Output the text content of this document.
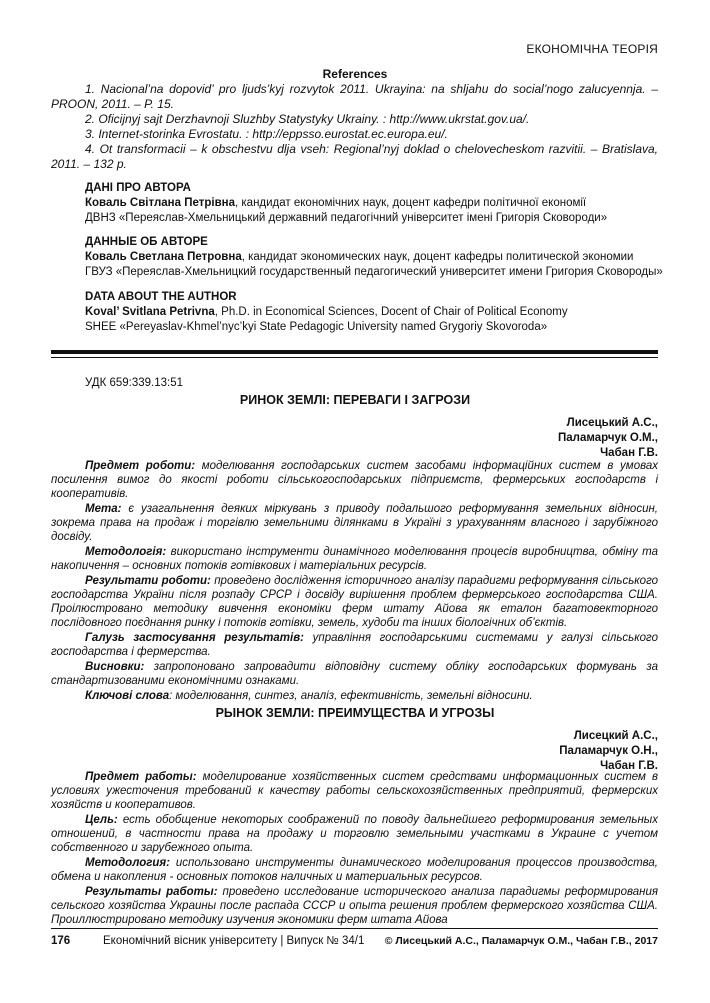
ЕКОНОМІЧНА ТЕОРІЯ
References

1. Nacional’na dopovid’ pro ljuds’kyj rozvytok 2011. Ukrayina: na shljahu do social’nogo zalucyennja. – PROON, 2011. – P. 15.

2. Oficijnyj sajt Derzhavnoji Sluzhby Statystyky Ukrainy. : http://www.ukrstat.gov.ua/.

3. Internet-storinka Evrostatu. : http://eppsso.eurostat.ec.europa.eu/.

4. Ot transformacii – k obschestvu dlja vseh: Regional’nyj doklad o chelovecheskom razvitii. – Bratislava, 2011. – 132 p.

ДАНІ ПРО АВТОРА
Коваль Світлана Петрівна, кандидат економічних наук, доцент кафедри політичної економії
ДВНЗ «Переяслав-Хмельницький державний педагогічний університет імені Григорія Сковороди»
ДАННЫЕ ОБ АВТОРЕ
Коваль Светлана Петровна, кандидат экономических наук, доцент кафедры политической экономии
ГВУЗ «Переяслав-Хмельницкий государственный педагогический университет имени Григория Сковороды»
DATA ABOUT THE AUTHOR
Koval’ Svitlana Petrivna, Ph.D. in Economical Sciences, Docent of Chair of Political Economy
SHEE «Pereyaslav-Khmel’nyc’kyi State Pedagogic University named Grygoriy Skovoroda»
УДК 659:339.13:51
РИНОК ЗЕМЛІ: ПЕРЕВАГИ І ЗАГРОЗИ
Лисецький А.С.,
Паламарчук О.М.,
Чабан Г.В.

Предмет роботи: моделювання господарських систем засобами інформаційних систем в умовах посилення вимог до якості роботи сільськогосподарських підприємств, фермерських господарств і кооперативів.

Мета: є узагальнення деяких міркувань з приводу подальшого реформування земельних відносин, зокрема права на продаж і торгівлю земельними ділянками в Україні з урахуванням власного і зарубіжного досвіду.

Методологія: використано інструменти динамічного моделювання процесів виробництва, обміну та накопичення – основних потоків готівкових і матеріальних ресурсів.

Результати роботи: проведено дослідження історичного аналізу парадигми реформування сільського господарства України після розпаду СРСР і досвіду вирішення проблем фермерського господарства США. Проілюстровано методику вивчення економіки ферм штату Айова як еталон багатовекторного послідовного поєднання ринку і потоків готівки, земель, худоби та інших біологічних об’єктів.

Галузь застосування результатів: управління господарськими системами у галузі сільського господарства і фермерства.

Висновки: запропоновано запровадити відповідну систему обліку господарських формувань за стандартизованими економічними ознаками.

Ключові слова: моделювання, синтез, аналіз, ефективність, земельні відносини.

РЫНОК ЗЕМЛИ: ПРЕИМУЩЕСТВА И УГРОЗЫ
Лисецкий А.С.,
Паламарчук О.Н.,
Чабан Г.В.

Предмет работы: моделирование хозяйственных систем средствами информационных систем в условиях ужесточения требований к качеству работы сельскохозяйственных предприятий, фермерских хозяйств и кооперативов.

Цель: есть обобщение некоторых соображений по поводу дальнейшего реформирования земельных отношений, в частности права на продажу и торговлю земельными участками в Украине с учетом собственного и зарубежного опыта.

Методология: использовано инструменты динамического моделирования процессов производства, обмена и накопления - основных потоков наличных и материальных ресурсов.

Результаты работы: проведено исследование исторического анализа парадигмы реформирования сельского хозяйства Украины после распада СССР и опыта решения проблем фермерского хозяйства США. Проиллюстрировано методику изучения экономики ферм штата Айова

176	Економічний вісник університету | Випуск № 34/1 © Лисецький А.С., Паламарчук О.М., Чабан Г.В., 2017
